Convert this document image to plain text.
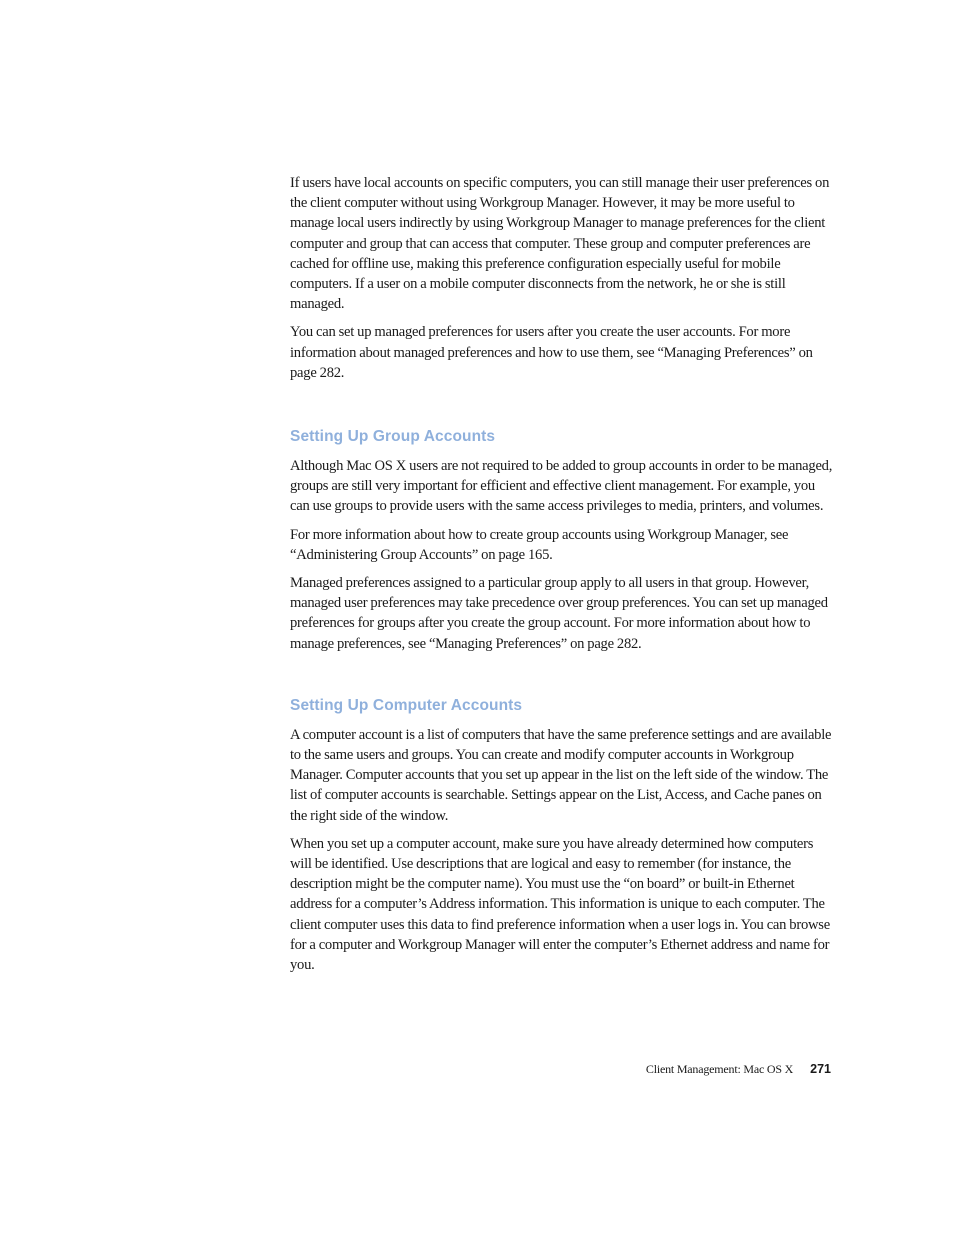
If users have local accounts on specific computers, you can still manage their user preferences on the client computer without using Workgroup Manager. However, it may be more useful to manage local users indirectly by using Workgroup Manager to manage preferences for the client computer and group that can access that computer. These group and computer preferences are cached for offline use, making this preference configuration especially useful for mobile computers. If a user on a mobile computer disconnects from the network, he or she is still managed.

You can set up managed preferences for users after you create the user accounts. For more information about managed preferences and how to use them, see “Managing Preferences” on page 282.

Setting Up Group Accounts

Although Mac OS X users are not required to be added to group accounts in order to be managed, groups are still very important for efficient and effective client management. For example, you can use groups to provide users with the same access privileges to media, printers, and volumes.

For more information about how to create group accounts using Workgroup Manager, see “Administering Group Accounts” on page 165.

Managed preferences assigned to a particular group apply to all users in that group. However, managed user preferences may take precedence over group preferences. You can set up managed preferences for groups after you create the group account. For more information about how to manage preferences, see “Managing Preferences” on page 282.

Setting Up Computer Accounts

A computer account is a list of computers that have the same preference settings and are available to the same users and groups. You can create and modify computer accounts in Workgroup Manager. Computer accounts that you set up appear in the list on the left side of the window. The list of computer accounts is searchable. Settings appear on the List, Access, and Cache panes on the right side of the window.

When you set up a computer account, make sure you have already determined how computers will be identified. Use descriptions that are logical and easy to remember (for instance, the description might be the computer name). You must use the “on board” or built-in Ethernet address for a computer’s Address information. This information is unique to each computer. The client computer uses this data to find preference information when a user logs in. You can browse for a computer and Workgroup Manager will enter the computer’s Ethernet address and name for you.

Client Management: Mac OS X 271
